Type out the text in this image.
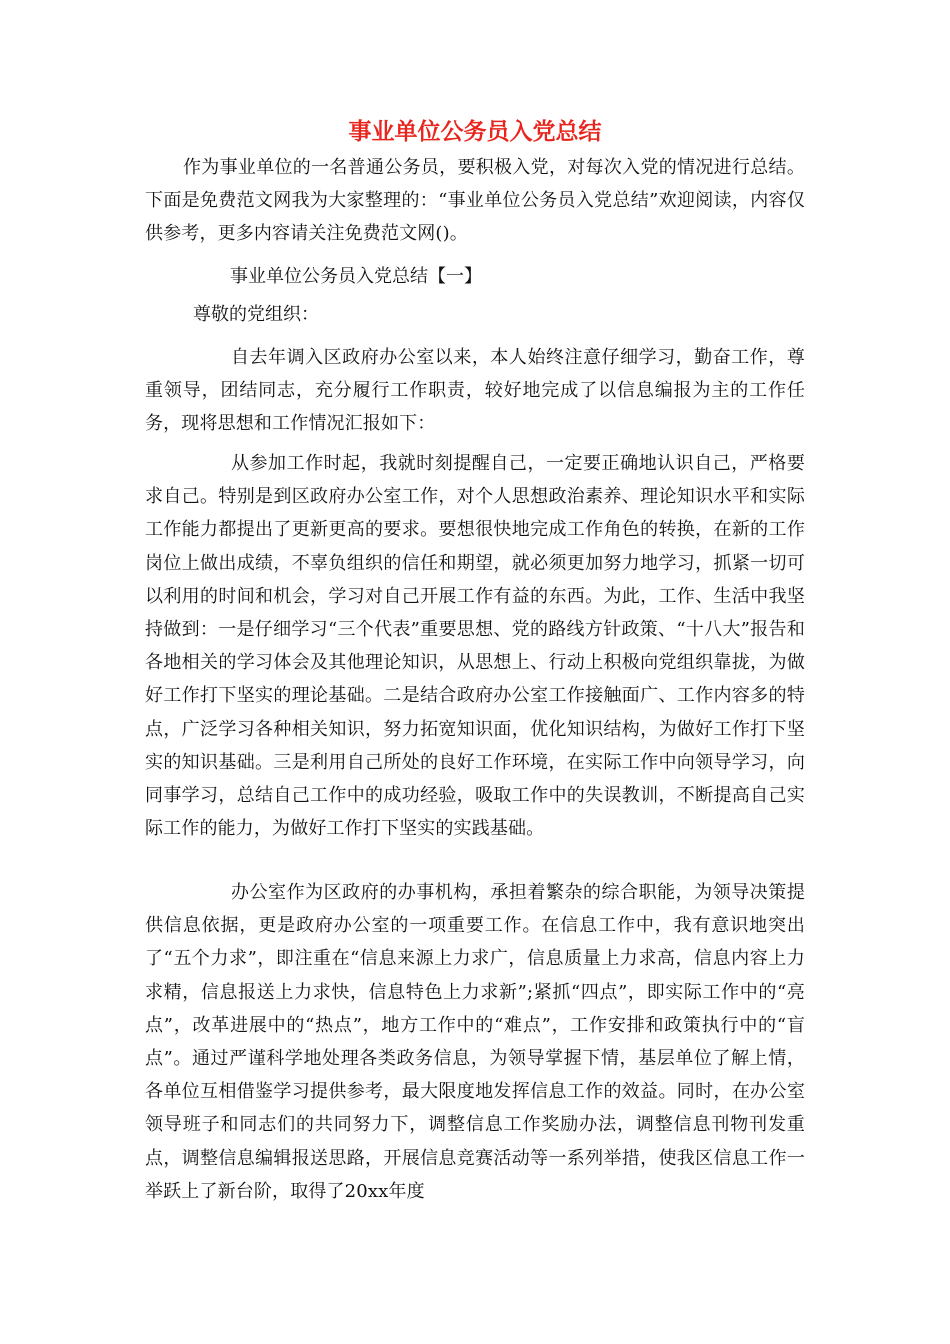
事业单位公务员入党总结
作为事业单位的一名普通公务员，要积极入党，对每次入党的情况进行总结。下面是免费范文网我为大家整理的：“事业单位公务员入党总结”欢迎阅读，内容仅供参考，更多内容请关注免费范文网()。
事业单位公务员入党总结【一】
尊敬的党组织：
自去年调入区政府办公室以来，本人始终注意仔细学习，勤奋工作，尊重领导，团结同志，充分履行工作职责，较好地完成了以信息编报为主的工作任务，现将思想和工作情况汇报如下：
从参加工作时起，我就时刻提醒自己，一定要正确地认识自己，严格要求自己。特别是到区政府办公室工作，对个人思想政治素养、理论知识水平和实际工作能力都提出了更新更高的要求。要想很快地完成工作角色的转换，在新的工作岗位上做出成绩，不辜负组织的信任和期望，就必须更加努力地学习，抓紧一切可以利用的时间和机会，学习对自己开展工作有益的东西。为此，工作、生活中我坚持做到：一是仔细学习“三个代表”重要思想、党的路线方针政策、“十八大”报告和各地相关的学习体会及其他理论知识，从思想上、行动上积极向党组织靠拢，为做好工作打下坚实的理论基础。二是结合政府办公室工作接触面广、工作内容多的特点，广泛学习各种相关知识，努力拓宽知识面，优化知识结构，为做好工作打下坚实的知识基础。三是利用自己所处的良好工作环境，在实际工作中向领导学习，向同事学习，总结自己工作中的成功经验，吸取工作中的失误教训，不断提高自己实际工作的能力，为做好工作打下坚实的实践基础。
办公室作为区政府的办事机构，承担着繁杂的综合职能，为领导决策提供信息依据，更是政府办公室的一项重要工作。在信息工作中，我有意识地突出了“五个力求”，即注重在“信息来源上力求广，信息质量上力求高，信息内容上力求精，信息报送上力求快，信息特色上力求新”;紧抓“四点”，即实际工作中的“亮点”，改革进展中的“热点”，地方工作中的“难点”，工作安排和政策执行中的“盲点”。通过严谨科学地处理各类政务信息，为领导掌握下情，基层单位了解上情，各单位互相借鉴学习提供参考，最大限度地发挥信息工作的效益。同时，在办公室领导班子和同志们的共同努力下，调整信息工作奖励办法，调整信息刊物刊发重点，调整信息编辑报送思路，开展信息竞赛活动等一系列举措，使我区信息工作一举跃上了新台阶，取得了20xx年度
